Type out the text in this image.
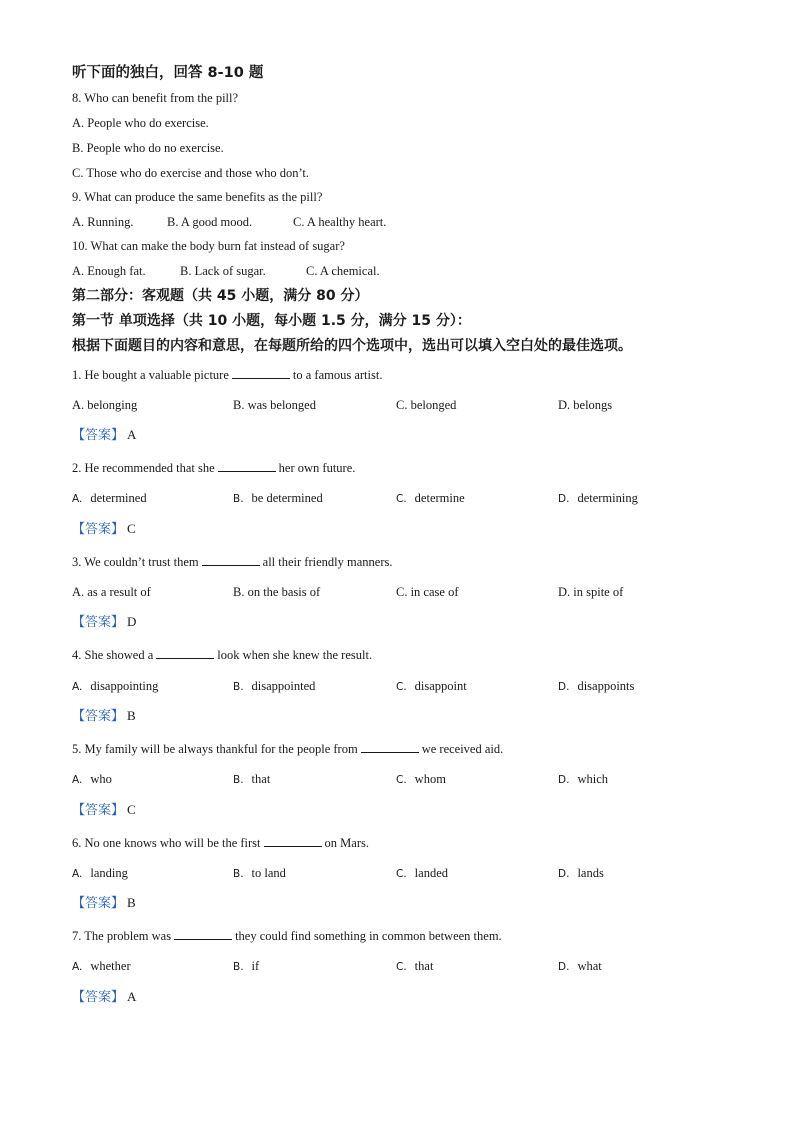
听下面的独白，回答 8-10 题
8. Who can benefit from the pill?
A. People who do exercise.
B. People who do no exercise.
C. Those who do exercise and those who don’t.
9. What can produce the same benefits as the pill?
A. Running.	B. A good mood.	C. A healthy heart.
10. What can make the body burn fat instead of sugar?
A. Enough fat.	B. Lack of sugar.	C. A chemical.
第二部分：客观题（共 45 小题，满分 80 分）
第一节 单项选择（共 10 小题，每小题 1.5 分，满分 15 分）：
根据下面题目的内容和意思，在每题所给的四个选项中，选出可以填入空白处的最佳选项。
1. He bought a valuable picture	to a famous artist.
A. belonging	B. was belonged	C. belonged	D. belongs
【答案】 A
2. He recommended that she	her own future.
A. determined	B. be determined	C. determine	D. determining
【答案】 C
3. We couldn’t trust them	all their friendly manners.
A. as a result of	B. on the basis of	C. in case of	D. in spite of
【答案】 D
4. She showed a	look when she knew the result.
A. disappointing	B. disappointed	C. disappoint	D. disappoints
【答案】 B
5. My family will be always thankful for the people from	we received aid.
A. who	B. that	C. whom	D. which
【答案】 C
6. No one knows who will be the first	on Mars.
A. landing	B. to land	C. landed	D. lands
【答案】 B
7. The problem was	they could find something in common between them.
A. whether	B. if	C. that	D. what
【答案】 A
